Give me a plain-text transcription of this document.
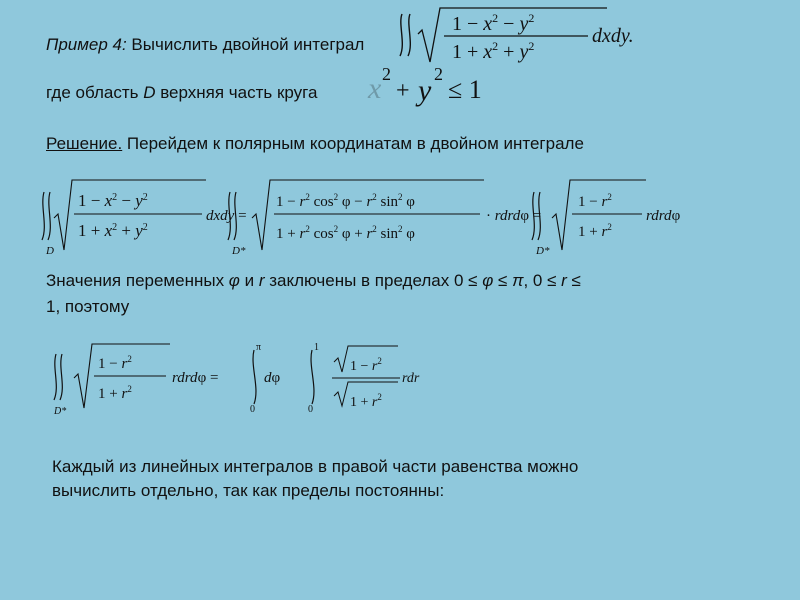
Пример 4: Вычислить двойной интеграл
$1 - x^2 - y^2$
$1 + x^2 + y^2$	dxdy.
где область D верхняя часть круга x 2
+ y 2
≤ 1
Решение. Перейдем к полярным координатам в двойном интеграле
D
$1 - x^2 - y^2$
$1 + x^2 + y^2$
dxdy =
D*
$1 - r^2$ $\cos^2 \varphi - r^2$ $\sin^2 \varphi$
$1 + r^2$ $\cos^2 \varphi + r^2$ $\sin^2 \varphi$
· rdrdφ =
D*
$1 - r^2$
$1 + r^2$
rdrdφ
Значения переменных φ и r заключены в пределах 0 ≤ φ ≤ π, 0 ≤ r ≤
1, поэтому
D*
$1 - r^2$
$1 + r^2$
rdrdφ =
π
0
dφ
1
0
$1 - r^2$
$1 + r^2$
rdr
Каждый из линейных интегралов в правой части равенства можно
вычислить отдельно, так как пределы постоянны:
